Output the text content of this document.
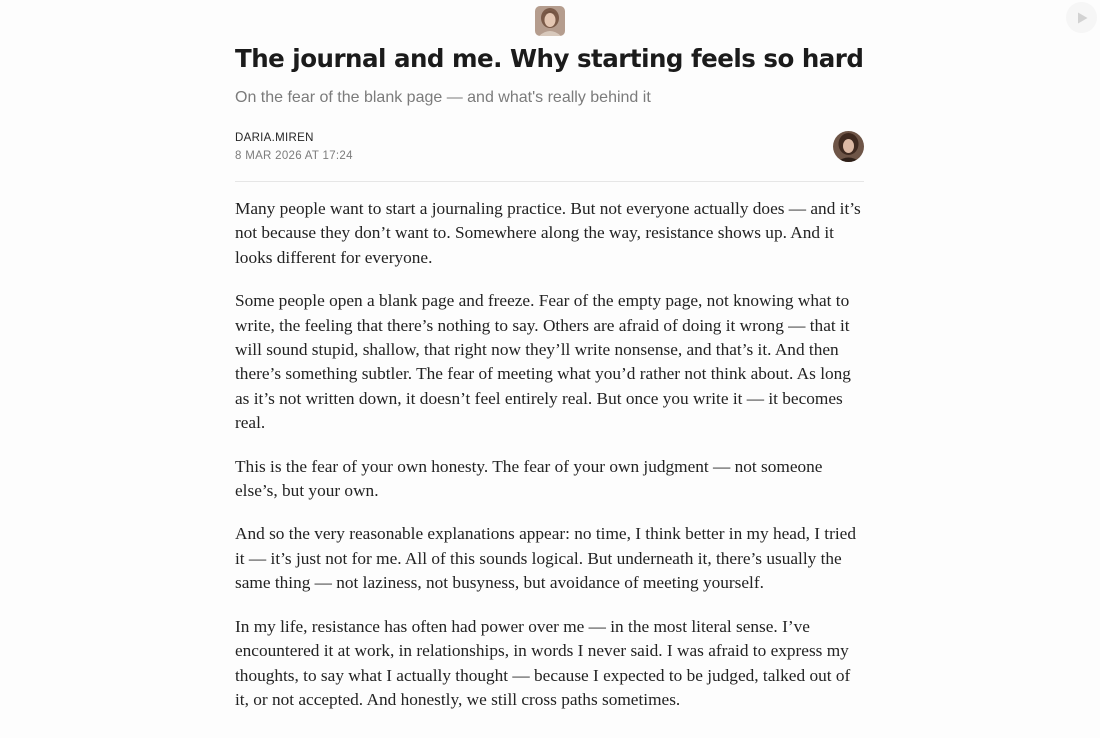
The journal and me. Why starting feels so hard

On the fear of the blank page — and what's really behind it

DARIA.MIREN
8 MAR 2026 AT 17:24

Many people want to start a journaling practice. But not everyone actually does — and it’s not because they don’t want to. Somewhere along the way, resistance shows up. And it looks different for everyone.

Some people open a blank page and freeze. Fear of the empty page, not knowing what to write, the feeling that there’s nothing to say. Others are afraid of doing it wrong — that it will sound stupid, shallow, that right now they’ll write nonsense, and that’s it. And then there’s something subtler. The fear of meeting what you’d rather not think about. As long as it’s not written down, it doesn’t feel entirely real. But once you write it — it becomes real.

This is the fear of your own honesty. The fear of your own judgment — not someone else’s, but your own.

And so the very reasonable explanations appear: no time, I think better in my head, I tried it — it’s just not for me. All of this sounds logical. But underneath it, there’s usually the same thing — not laziness, not busyness, but avoidance of meeting yourself.

In my life, resistance has often had power over me — in the most literal sense. I’ve encountered it at work, in relationships, in words I never said. I was afraid to express my thoughts, to say what I actually thought — because I expected to be judged, talked out of it, or not accepted. And honestly, we still cross paths sometimes.
